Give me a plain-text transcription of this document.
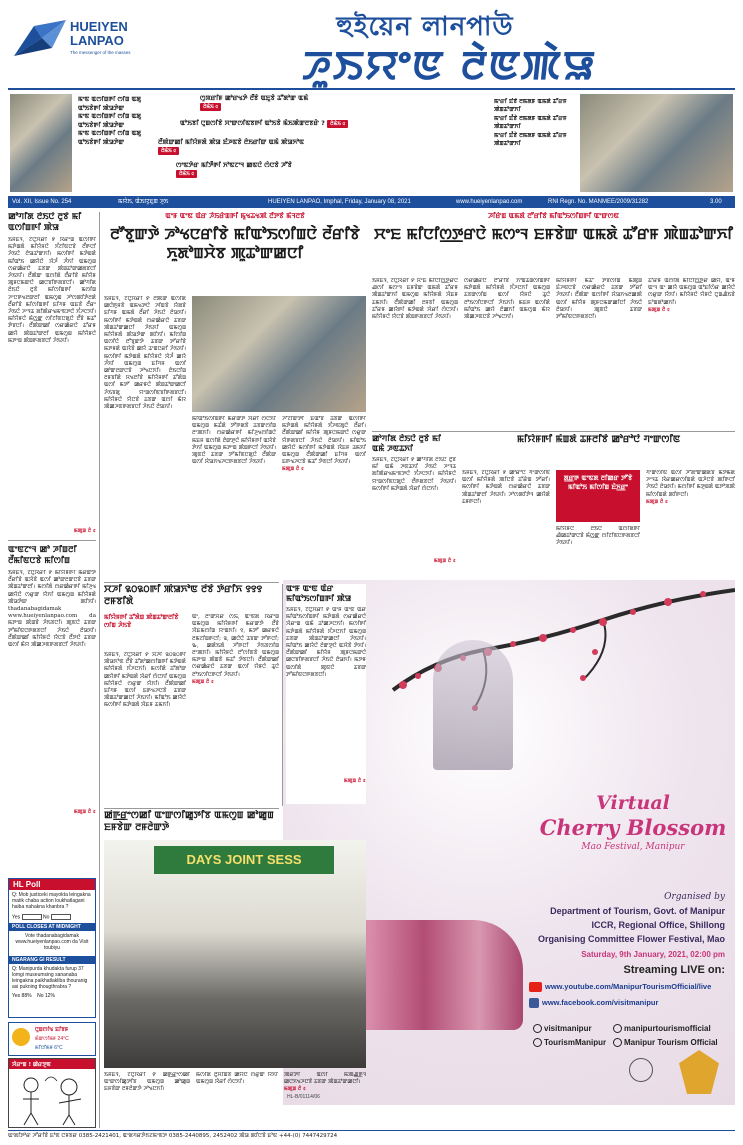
HUEIYEN
LANPAO
The messenger of the masses
হুইয়েন লানপাউ
ꯍꯨꯏꯌꯦꯟ ꯂꯥꯟꯄꯥꯎ
ꯃꯦꯟ ꯑꯁꯤꯡꯒꯤ ꯁꯤꯡ ꯑꯗꯨ ꯑꯣꯏꯕꯥꯒꯤ ꯄꯥꯎꯇꯥꯛ
ꯃꯦꯟ ꯑꯁꯤꯡꯒꯤ ꯁꯤꯡ ꯑꯗꯨ ꯑꯣꯏꯕꯥꯒꯤ ꯄꯥꯎꯇꯥꯛ
ꯃꯦꯟ ꯑꯁꯤꯡꯒꯤ ꯁꯤꯡ ꯑꯗꯨ ꯑꯣꯏꯕꯥꯒꯤ ꯄꯥꯎꯇꯥꯛ
ꯁꯨꯞꯔꯤꯝ ꯀꯣꯔꯠꯇꯥ ꯂꯩꯕꯥ ꯑꯐꯨꯕꯥ ꯊꯧꯗꯣꯛ ꯑꯃꯥ
ꯂꯥꯃꯥꯏ ৫
ꯑꯣꯏꯕꯤ ꯅꯨꯡꯁꯤꯕꯥ ꯆꯦꯛꯁꯤꯟꯕꯒꯤ ꯑꯣꯏꯕꯥ ꯃꯥꯏꯄꯥꯛꯂꯕꯔꯥ ? ꯂꯥꯃꯥꯏ ৫
ꯂꯩꯄꯥꯛꯀꯤ ꯃꯤꯌꯥꯝꯗꯥ ꯄꯥꯎ ꯐꯪꯍꯟꯕꯥ ꯂꯥꯏꯔꯤꯛ ꯑꯃꯥ ꯄꯥꯎꯈꯣꯟ
ꯂꯥꯃꯥꯏ ৫
ꯁꯦꯟꯇꯥꯔ ꯃꯤꯇꯩꯒꯤ ꯈꯣꯟꯖꯦꯜ ꯀꯟꯅꯥ ꯁꯥꯅꯕꯥ ꯍꯧꯕꯥ
ꯂꯥꯃꯥꯏ ৫
ꯃꯦꯔꯤ ꯐꯪꯕꯥ ꯂꯃꯗꯝ ꯑꯃꯗꯥ ꯊꯧꯔꯝ ꯄꯥꯡꯊꯣꯛꯈꯤ
ꯃꯦꯔꯤ ꯐꯪꯕꯥ ꯂꯃꯗꯝ ꯑꯃꯗꯥ ꯊꯧꯔꯝ ꯄꯥꯡꯊꯣꯛꯈꯤ
ꯃꯦꯔꯤ ꯐꯪꯕꯥ ꯂꯃꯗꯝ ꯑꯃꯗꯥ ꯊꯧꯔꯝ ꯄꯥꯡꯊꯣꯛꯈꯤ
Vol. XII, Issue No. 254	ꯃꯌꯥꯏ, ꯑꯥꯏꯌꯨꯐꯨꯡ ꯍꯨꯏ	HUEIYEN LANPAO, Imphal, Friday, January 08, 2021	www.hueiyenlanpao.com	RNI Regn. No. MANMEE/2009/31282	3.00
ꯀꯣꯚꯤꯗ ꯂꯥꯏꯅꯥ ꯂꯨꯕꯥ ꯃꯤ ꯑꯁꯤꯡꯒꯤ ꯄꯥꯎ
ꯏꯝꯐꯥꯜ, ꯖꯥꯅꯨꯋꯥꯔꯤ ꯸ ꯋꯥꯔꯦꯡ ꯑꯁꯤꯒꯤ ꯃꯇꯥꯡꯗꯥ ꯃꯤꯌꯥꯝꯅꯥ ꯈꯪꯖꯤꯟꯅꯕꯥ ꯂꯩꯒꯅꯤ ꯍꯥꯏꯅꯥ ꯂꯥꯎꯊꯣꯛꯈꯤ। ꯃꯁꯤꯒꯤ ꯃꯇꯥꯡꯗꯥ ꯃꯤꯑꯣꯏ ꯀꯌꯥꯅꯥ ꯋꯥꯍꯪ ꯍꯪꯈꯤ ꯑꯃꯁꯨꯡ ꯁꯔꯀꯥꯔꯅꯥ ꯊꯕꯛ ꯄꯥꯡꯊꯣꯛꯀꯗꯕꯅꯤ ꯍꯥꯏꯈꯤ। ꯂꯩꯄꯥꯛ ꯑꯁꯤꯗꯥ ꯂꯩꯔꯤꯕꯥ ꯃꯤꯌꯥꯝ ꯄꯨꯝꯅꯃꯛꯅꯥ ꯀꯅꯕꯤꯒꯗꯕꯅꯤ। ꯀꯣꯚꯤꯗ ꯂꯥꯏꯅꯥ ꯂꯨꯕꯥ ꯃꯤꯁꯤꯡꯒꯤ ꯃꯁꯤꯡ ꯍꯦꯅꯒꯠꯂꯛꯂꯤ ꯑꯃꯁꯨꯡ ꯍꯣꯁꯄꯤꯇꯥꯂꯗꯥ ꯂꯩꯔꯤꯕꯥ ꯃꯤꯁꯤꯡꯒꯤ ꯐꯤꯚꯝ ꯑꯐꯕꯥ ꯂꯩꯔꯦ ꯍꯥꯏꯅꯥ ꯍꯦꯜꯊ ꯗꯤꯄꯥꯔꯠꯃꯦꯟꯇꯅꯥ ꯈꯪꯍꯅꯈꯤ। ꯃꯤꯌꯥꯝꯅꯥ ꯃꯥꯁ꯭ꯛ ꯁꯤꯖꯤꯟꯅꯗꯨꯅꯥ ꯂꯩꯕꯥ ꯃꯊꯧ ꯇꯥꯕꯅꯤ। ꯂꯩꯄꯥꯛꯀꯤ ꯁꯔꯀꯥꯔꯅꯥ ꯊꯧꯔꯝ ꯀꯌꯥ ꯄꯥꯡꯊꯣꯛꯂꯤ ꯑꯃꯁꯨꯡ ꯃꯤꯌꯥꯝꯅꯥ ꯃꯇꯦꯡ ꯄꯥꯡꯒꯗꯕꯅꯤ ꯍꯥꯏꯈꯤ।
ꯃꯄꯨꯡ ꯂꯥ ৫
ꯑꯦꯟꯖꯦꯜ ꯀꯣ ꯍꯤꯡꯂꯤ ꯂꯩꯃꯤꯟꯅꯕꯥ ꯃꯤꯁꯤꯡ
ꯏꯝꯐꯥꯜ, ꯖꯥꯅꯨꯋꯥꯔꯤ ꯸ ꯃꯤꯌꯥꯝꯒꯤ ꯃꯔꯛꯇꯥ ꯂꯩꯔꯤꯕꯥ ꯑꯋꯥꯕꯥ ꯑꯁꯤ ꯀꯣꯛꯂꯛꯅꯕꯥ ꯊꯕꯛ ꯄꯥꯡꯊꯣꯛꯂꯤ। ꯃꯁꯤꯗꯥ ꯁꯔꯀꯥꯔꯒꯤ ꯃꯤꯍꯨꯠ ꯀꯌꯥꯅꯥ ꯁꯔꯨꯛ ꯌꯥꯈꯤ ꯑꯃꯁꯨꯡ ꯃꯤꯌꯥꯝꯗꯥ ꯄꯥꯎꯇꯥꯛ ꯄꯤꯈꯤ। thadanabagidamak www.hueiyenlanpao.com da ꯃꯇꯦꯡ ꯄꯥꯡꯕꯥ ꯍꯥꯏꯕꯅꯤ। ꯄꯨꯟꯅꯥ ꯊꯕꯛ ꯇꯧꯃꯤꯟꯅꯒꯗꯕꯅꯤ ꯍꯥꯏꯅꯥ ꯂꯥꯎꯈꯤ। ꯂꯩꯄꯥꯛꯀꯤ ꯃꯤꯌꯥꯝꯅꯥ ꯌꯥꯅꯕꯥ ꯂꯩꯇꯅꯥ ꯊꯕꯛ ꯑꯁꯤ ꯃꯥꯌ ꯄꯥꯀꯍꯟꯒꯗꯕꯅꯤ ꯍꯥꯏꯈꯤ।
ꯃꯄꯨꯡ ꯂꯥ ৫
HL Poll
Q: Mob justiceki mayokta leingakna matik chaba action loukhatlagani haiba nahakna khanbra ?
Yes	No
POLL CLOSES AT MIDNIGHT
Vote thadanabagidamak www.hueiyenlanpao.com da Visit toubiyu
NGARANG GI RESULT
Q: Manipurda khudakta furup 37 lomgi museumsing sananaba leingakna paikhatlakliba thouranig asi pukning thougthrabra ?
Yes 88% No 12%
ꯅꯨꯡꯁꯤꯠ ꯐꯤꯕꯝ
ꯃꯥꯛꯁꯤꯃꯝ 24°C
ꯃꯤꯅꯤꯃꯝ 6°C
ꯋꯥꯔꯦꯡ ! ꯀꯥꯔꯇꯨꯟ
ꯑꯦꯝ ꯑꯦꯟ ꯑꯥꯔ ꯍꯥꯏꯔꯥꯡꯒꯤ ꯃꯨꯠꯊꯠꯄꯥ ꯂꯩꯇꯕꯥ ꯃꯥꯜꯂꯕꯥ
ꯂꯧꯕꯨꯛꯇꯥ ꯍꯣꯠꯅꯔꯤꯕꯥ ꯃꯤꯑꯣꯏꯁꯤꯡꯅꯥ ꯂꯩꯔꯤꯕꯥ ꯈꯨꯗꯣꯡꯆꯥꯕ ꯄꯨꯊꯣꯛꯀꯅꯤ
ꯏꯝꯐꯥꯜ, ꯖꯥꯅꯨꯋꯥꯔꯤ ꯸ ꯂꯩꯄꯥꯛ ꯑꯁꯤꯗꯥ ꯀꯅꯥꯒꯨꯝꯕꯥ ꯑꯃꯠꯇꯅꯥ ꯍꯤꯡꯕꯥ ꯌꯥꯗꯕꯥ ꯐꯤꯚꯝ ꯑꯃꯗꯥ ꯂꯩꯔꯤ ꯍꯥꯏꯅꯥ ꯂꯥꯎꯈꯤ। ꯃꯁꯤꯒꯤ ꯃꯇꯥꯡꯗꯥ ꯁꯔꯀꯥꯔꯅꯥ ꯊꯕꯛ ꯄꯥꯡꯊꯣꯛꯀꯅꯤ ꯍꯥꯏꯈꯤ ꯑꯃꯁꯨꯡ ꯃꯤꯌꯥꯝꯗꯥ ꯄꯥꯎꯇꯥꯛ ꯄꯤꯈꯤ। ꯃꯤꯁꯤꯡ ꯑꯁꯤꯅꯥ ꯂꯧꯕꯨꯛꯇꯥ ꯊꯕꯛ ꯇꯧꯔꯤꯕꯥ ꯃꯇꯝꯗꯥ ꯑꯋꯥꯕꯥ ꯀꯌꯥ ꯊꯦꯡꯅꯔꯤ ꯍꯥꯏꯈꯤ। ꯃꯁꯤꯒꯤ ꯃꯇꯥꯡꯗꯥ ꯃꯤꯌꯥꯝꯅꯥ ꯋꯥꯍꯪ ꯀꯌꯥ ꯍꯪꯈꯤ ꯑꯃꯁꯨꯡ ꯐꯤꯚꯝ ꯑꯁꯤ ꯀꯣꯛꯂꯛꯅꯕꯥ ꯍꯣꯠꯅꯈꯤ। ꯂꯥꯏꯅꯤꯡ ꯂꯝꯕꯤꯗꯥ ꯆꯠꯂꯤꯕꯥ ꯃꯤꯌꯥꯝꯒꯤ ꯊꯧꯗꯥꯡ ꯑꯁꯤ ꯃꯇꯧ ꯀꯔꯝꯅꯥ ꯄꯥꯡꯊꯣꯛꯀꯅꯤ ꯍꯥꯏꯕꯗꯨ ꯌꯦꯡꯁꯤꯟꯕꯤꯒꯗꯕꯅꯤ। ꯃꯤꯌꯥꯝꯅꯥ ꯌꯥꯅꯕꯥ ꯊꯕꯛ ꯑꯁꯤ ꯃꯥꯌ ꯄꯥꯀꯍꯟꯒꯗꯕꯅꯤ ꯍꯥꯏꯅꯥ ꯂꯥꯎꯈꯤ।
ꯃꯤꯑꯣꯏꯁꯤꯡꯒꯤ ꯃꯔꯛꯇꯥ ꯋꯥꯔꯤ ꯁꯥꯅꯈꯤ ꯑꯃꯁꯨꯡ ꯃꯊꯪꯗꯥ ꯇꯧꯒꯗꯕꯥ ꯊꯕꯛꯁꯤꯡ ꯂꯦꯄꯈꯤ। ꯁꯔꯀꯥꯔꯒꯤ ꯃꯤꯍꯨꯠꯁꯤꯡꯅꯥ ꯃꯐꯝ ꯑꯁꯤꯗꯥ ꯂꯥꯛꯇꯨꯅꯥ ꯃꯤꯌꯥꯝꯒꯤ ꯑꯋꯥꯕꯥ ꯇꯥꯈꯤ ꯑꯃꯁꯨꯡ ꯃꯇꯦꯡ ꯄꯥꯡꯒꯅꯤ ꯍꯥꯏꯈꯤ। ꯄꯨꯟꯅꯥ ꯊꯕꯛ ꯇꯧꯃꯤꯟꯅꯗꯨꯅꯥ ꯂꯩꯄꯥꯛ ꯑꯁꯤ ꯆꯥꯎꯈꯠꯍꯅꯒꯗꯕꯅꯤ ꯍꯥꯏꯈꯤ।
ꯍꯧꯖꯤꯛꯇꯤ ꯐꯥꯑꯣꯕꯥ ꯊꯕꯛ ꯑꯁꯤꯒꯤ ꯃꯇꯥꯡꯗꯥ ꯃꯤꯌꯥꯝꯗꯥ ꯈꯪꯍꯟꯗꯨꯅꯥ ꯂꯩꯔꯤ। ꯂꯩꯄꯥꯛꯀꯤ ꯃꯤꯌꯥꯝ ꯄꯨꯝꯅꯃꯛꯅꯥ ꯁꯔꯨꯛ ꯌꯥꯒꯗꯕꯅꯤ ꯍꯥꯏꯅꯥ ꯂꯥꯎꯈꯤ। ꯃꯤꯑꯣꯏ ꯀꯌꯥꯅꯥ ꯃꯁꯤꯒꯤ ꯃꯇꯥꯡꯗꯥ ꯋꯥꯐꯝ ꯊꯃꯈꯤ ꯑꯃꯁꯨꯡ ꯂꯩꯄꯥꯛꯀꯤ ꯐꯤꯚꯝ ꯑꯁꯤ ꯐꯒꯠꯍꯅꯕꯥ ꯃꯊꯧ ꯇꯥꯕꯅꯤ ꯍꯥꯏꯈꯤ।
ꯃꯄꯨꯡ ꯂꯥ ৫
ꯍꯤꯔꯥꯡ ꯑꯃꯗꯥ ꯂꯧꯔꯤꯕꯥ ꯃꯤꯑꯣꯏꯁꯤꯡꯒꯤ ꯑꯦꯛꯁꯟ
ꯆꯦꯐ ꯃꯤꯅꯤꯁ꯭ꯇꯔꯅꯥ ꯃꯁꯦꯜ ꯐꯝꯕꯥꯛ ꯑꯃꯗꯥ ꯊꯧꯔꯝ ꯄꯥꯡꯊꯣꯛꯈꯤ
ꯏꯝꯐꯥꯜ, ꯖꯥꯅꯨꯋꯥꯔꯤ ꯸ ꯆꯦꯐ ꯃꯤꯅꯤꯁ꯭ꯇꯔꯅꯥ ꯉꯁꯤ ꯃꯁꯦꯜ ꯐꯝꯕꯥꯛ ꯑꯃꯗꯥ ꯊꯧꯔꯝ ꯄꯥꯡꯊꯣꯛꯈꯤ ꯑꯃꯁꯨꯡ ꯃꯤꯌꯥꯝꯗꯥ ꯋꯥꯐꯝ ꯊꯃꯈꯤ। ꯂꯩꯄꯥꯛꯀꯤ ꯂꯝꯕꯤ ꯑꯃꯁꯨꯡ ꯊꯧꯔꯝ ꯀꯌꯥꯒꯤ ꯃꯇꯥꯡꯗꯥ ꯋꯥꯔꯤ ꯁꯥꯅꯈꯤ। ꯃꯤꯌꯥꯝꯅꯥ ꯌꯥꯅꯕꯥ ꯄꯥꯡꯒꯗꯕꯅꯤ ꯍꯥꯏꯈꯤ।
ꯁꯔꯀꯥꯔꯅꯥ ꯂꯧꯔꯤꯕꯥ ꯈꯣꯡꯊꯥꯡꯁꯤꯡꯒꯤ ꯃꯇꯥꯡꯗꯥ ꯃꯤꯌꯥꯝꯗꯥ ꯈꯪꯍꯅꯈꯤ ꯑꯃꯁꯨꯡ ꯊꯕꯛꯁꯤꯡ ꯑꯁꯤ ꯌꯥꯝꯅꯥ ꯊꯨꯅꯥ ꯂꯣꯏꯁꯤꯅꯒꯅꯤ ꯍꯥꯏꯈꯤ। ꯃꯐꯝ ꯑꯁꯤꯗꯥ ꯃꯤꯑꯣꯏ ꯀꯌꯥ ꯂꯥꯀꯈꯤ ꯑꯃꯁꯨꯡ ꯃꯥꯌ ꯄꯥꯀꯍꯟꯅꯕꯥ ꯍꯣꯠꯅꯈꯤ।
ꯃꯤꯌꯥꯝꯒꯤ ꯃꯊꯧ ꯇꯥꯕꯁꯤꯡ ꯃꯄꯨꯡ ꯐꯥꯍꯟꯅꯕꯥ ꯁꯔꯀꯥꯔꯅꯥ ꯊꯕꯛ ꯇꯧꯔꯤ ꯍꯥꯏꯈꯤ। ꯂꯩꯄꯥꯛ ꯑꯁꯤꯒꯤ ꯆꯥꯎꯈꯠꯂꯀꯄꯥ ꯑꯁꯤ ꯃꯤꯌꯥꯝ ꯄꯨꯝꯅꯃꯛꯀꯤꯅꯤ ꯍꯥꯏꯅꯥ ꯂꯥꯎꯈꯤ। ꯄꯨꯟꯅꯥ ꯊꯕꯛ ꯇꯧꯃꯤꯟꯅꯒꯗꯕꯅꯤ।
ꯊꯧꯔꯝ ꯑꯁꯤꯗꯥ ꯃꯤꯅꯤꯁ꯭ꯇꯔ ꯀꯌꯥ, ꯑꯦꯝ ꯑꯦꯜ ꯑꯦ ꯀꯌꯥ ꯑꯃꯁꯨꯡ ꯑꯣꯐꯤꯁꯥꯔ ꯀꯌꯥꯅꯥ ꯁꯔꯨꯛ ꯌꯥꯈꯤ। ꯃꯤꯌꯥꯝꯅꯥ ꯌꯥꯝꯅꯥ ꯅꯨꯡꯉꯥꯏꯕꯥ ꯐꯣꯡꯗꯣꯀꯈꯤ।
ꯃꯄꯨꯡ ꯂꯥ ৫
ꯀꯣꯚꯤꯗ ꯂꯥꯏꯅꯥ ꯂꯨꯕꯥ ꯃꯤ ꯑꯃꯥ ꯍꯟꯊꯈꯤ
ꯏꯝꯐꯥꯜ, ꯖꯥꯅꯨꯋꯥꯔꯤ ꯸ ꯀꯣꯚꯤꯗ ꯂꯥꯏꯅꯥ ꯂꯨꯕꯥ ꯃꯤ ꯑꯃꯥ ꯍꯟꯊꯈꯤ ꯍꯥꯏꯅꯥ ꯍꯦꯜꯊ ꯗꯤꯄꯥꯔꯠꯃꯦꯟꯇꯅꯥ ꯈꯪꯍꯅꯈꯤ। ꯃꯤꯌꯥꯝꯅꯥ ꯌꯦꯡꯁꯤꯟꯅꯗꯨꯅꯥ ꯂꯩꯒꯗꯕꯅꯤ ꯍꯥꯏꯈꯤ। ꯃꯁꯤꯒꯤ ꯃꯇꯥꯡꯗꯥ ꯋꯥꯔꯤ ꯁꯥꯅꯈꯤ।
ꯃꯄꯨꯡ ꯂꯥ ৫
ꯃꯤꯌꯥꯝꯒꯤ ꯃꯥꯡꯗꯥ ꯊꯝꯂꯤꯕꯥ ꯀꯣꯔꯣꯅꯥ ꯚꯦꯛꯁꯤꯟ
ꯏꯝꯐꯥꯜ, ꯖꯥꯅꯨꯋꯥꯔꯤ ꯸ ꯀꯣꯔꯣꯅꯥ ꯚꯦꯛꯁꯤꯟ ꯑꯁꯤ ꯃꯤꯌꯥꯝꯗꯥ ꯄꯤꯅꯕꯥ ꯊꯧꯔꯥꯡ ꯇꯧꯔꯤ। ꯃꯁꯤꯒꯤ ꯃꯇꯥꯡꯗꯥ ꯁꯔꯀꯥꯔꯅꯥ ꯊꯕꯛ ꯄꯥꯡꯊꯣꯛꯂꯤ ꯍꯥꯏꯈꯤ। ꯍꯣꯁꯄꯤꯇꯥꯜ ꯀꯌꯥꯗꯥ ꯊꯝꯒꯅꯤ।
ꯗ꯭ꯔꯒ ꯑꯦꯟꯗ ꯂꯤꯀꯔ ꯇꯧꯕꯥ ꯃꯤꯑꯣꯏ ꯃꯤꯁꯤꯡ ꯐꯥꯈ꯭ꯔꯦ
ꯃꯤꯌꯥꯝꯅꯥ ꯂꯥꯏꯅꯥ ꯑꯁꯤꯗꯒꯤ ꯉꯥꯀꯊꯣꯛꯅꯕꯥ ꯃꯥꯁ꯭ꯛ ꯁꯤꯖꯤꯟꯅꯒꯗꯕꯅꯤ ꯍꯥꯏꯈꯤ।
ꯚꯦꯛꯁꯤꯟ ꯑꯁꯤ ꯍꯧꯗꯣꯛꯀꯗꯕꯥ ꯃꯇꯃꯗꯥ ꯍꯦꯜꯊ ꯋꯥꯔꯀꯔꯁꯤꯡꯗꯥ ꯑꯍꯥꯅꯕꯥ ꯄꯤꯒꯅꯤ ꯍꯥꯏꯅꯥ ꯂꯥꯎꯈꯤ। ꯃꯁꯤꯒꯤ ꯃꯇꯨꯡꯗꯥ ꯑꯇꯣꯞꯄꯥ ꯃꯤꯁꯤꯡꯗꯥ ꯄꯤꯒꯅꯤ।
ꯃꯄꯨꯡ ꯂꯥ ৫
ꯆꯍꯤ ꯲꯰꯲꯰ꯒꯤ ꯄꯥꯎꯈꯣꯟ ꯂꯩꯕꯥ ꯇꯥꯔꯤꯈ ꯱꯱꯱ ꯂꯝꯕꯤꯗꯥ
ꯃꯤꯌꯥꯝꯒꯤ ꯊꯧꯗꯥꯡ ꯄꯥꯡꯊꯣꯛꯂꯤꯕꯥ ꯁꯤꯡ ꯍꯥꯏꯕꯥ
ꯏꯝꯐꯥꯜ, ꯖꯥꯅꯨꯋꯥꯔꯤ ꯸ ꯆꯍꯤ ꯲꯰꯲꯰ꯒꯤ ꯄꯥꯎꯈꯣꯟ ꯂꯩꯕꯥ ꯊꯧꯗꯣꯀꯁꯤꯡꯒꯤ ꯃꯇꯥꯡꯗꯥ ꯃꯤꯌꯥꯝꯗꯥ ꯈꯪꯍꯅꯈꯤ। ꯃꯁꯤꯗꯥ ꯊꯧꯗꯣꯛ ꯀꯌꯥꯒꯤ ꯃꯇꯥꯡꯗꯥ ꯋꯥꯔꯤ ꯁꯥꯅꯈꯤ ꯑꯃꯁꯨꯡ ꯃꯤꯌꯥꯝꯅꯥ ꯁꯔꯨꯛ ꯌꯥꯈꯤ। ꯂꯩꯄꯥꯛꯀꯤ ꯐꯤꯚꯝ ꯑꯁꯤ ꯐꯒꯠꯍꯅꯕꯥ ꯊꯕꯛ ꯄꯥꯡꯊꯣꯛꯀꯅꯤ ꯍꯥꯏꯈꯤ। ꯃꯤꯑꯣꯏ ꯀꯌꯥꯅꯥ ꯃꯁꯤꯒꯤ ꯃꯇꯥꯡꯗꯥ ꯋꯥꯐꯝ ꯊꯃꯈꯤ।
ꯑꯦ, ꯂꯦꯛꯆꯔ ꯁꯥꯢ, ꯑꯦꯟꯗ ꯋꯥꯔꯦꯡ ꯑꯃꯁꯨꯡ ꯃꯤꯌꯥꯝꯒꯤ ꯃꯔꯛꯇꯥ ꯂꯩꯕꯥ ꯋꯥꯐꯃꯁꯤꯡ ꯌꯦꯡꯈꯤ। ꯱, ꯃꯇꯧ ꯀꯔꯝꯅꯥ ꯂꯃꯖꯤꯡꯒꯅꯤ; ꯲, ꯀꯅꯥꯅꯥ ꯊꯕꯛ ꯇꯧꯒꯅꯤ; ꯳, ꯀꯗꯥꯏꯗꯥ ꯍꯧꯒꯅꯤ ꯍꯥꯏꯕꯁꯤꯡ ꯂꯦꯄꯈꯤ। ꯃꯤꯌꯥꯝꯅꯥ ꯂꯧꯁꯤꯟꯕꯥ ꯑꯃꯁꯨꯡ ꯃꯇꯦꯡ ꯄꯥꯡꯕꯥ ꯃꯊꯧ ꯇꯥꯕꯅꯤ। ꯂꯩꯄꯥꯛꯀꯤ ꯁꯔꯀꯥꯔꯅꯥ ꯊꯕꯛ ꯑꯁꯤ ꯌꯥꯝꯅꯥ ꯊꯨꯅꯥ ꯂꯣꯏꯁꯤꯅꯒꯅꯤ ꯍꯥꯏꯈꯤ।
ꯃꯄꯨꯡ ꯂꯥ ৫
ꯑꯦꯝ ꯑꯦꯟ ꯑꯥꯔ ꯃꯤꯑꯣꯏꯁꯤꯡꯒꯤ ꯄꯥꯎ
ꯏꯝꯐꯥꯜ, ꯖꯥꯅꯨꯋꯥꯔꯤ ꯸ ꯑꯦꯝ ꯑꯦꯟ ꯑꯥꯔ ꯃꯤꯑꯣꯏꯁꯤꯡꯒꯤ ꯃꯇꯥꯡꯗꯥ ꯁꯔꯀꯥꯔꯅꯥ ꯋꯥꯔꯦꯡ ꯑꯃꯥ ꯊꯣꯀꯍꯅꯈꯤ। ꯃꯁꯤꯒꯤ ꯃꯇꯥꯡꯗꯥ ꯃꯤꯌꯥꯝꯗꯥ ꯈꯪꯍꯅꯈꯤ ꯑꯃꯁꯨꯡ ꯊꯕꯛ ꯄꯥꯡꯊꯣꯛꯀꯅꯤ ꯍꯥꯏꯈꯤ। ꯃꯤꯑꯣꯏ ꯀꯌꯥꯅꯥ ꯂꯥꯛꯇꯨꯅꯥ ꯑꯋꯥꯕꯥ ꯇꯥꯈꯤ। ꯂꯩꯄꯥꯛꯀꯤ ꯃꯤꯌꯥꯝ ꯄꯨꯝꯅꯃꯛꯅꯥ ꯀꯅꯕꯤꯒꯗꯕꯅꯤ ꯍꯥꯏꯅꯥ ꯂꯥꯎꯈꯤ। ꯃꯇꯝ ꯑꯁꯤꯗꯥ ꯄꯨꯟꯅꯥ ꯊꯕꯛ ꯇꯧꯃꯤꯟꯅꯒꯗꯕꯅꯤ।
ꯃꯄꯨꯡ ꯂꯥ ৫
Virtual
Cherry Blossom
Mao Festival, Manipur
Organised by
Department of Tourism, Govt. of Manipur
ICCR, Regional Office, Shillong
Organising Committee Flower Festival, Mao
Saturday, 9th January, 2021, 02:00 pm
Streaming LIVE on:
www.youtube.com/ManipurTourismOfficial/live
www.facebook.com/visitmanipur
visitmanipur	manipurtourismofficial
TourismManipur	Manipur Tourism Official
HL-B/01114/06
ꯀꯪꯒ꯭ꯔꯦꯁꯀꯤ ꯑꯦꯛꯁꯤꯀꯨꯇꯤꯕ ꯑꯃꯁꯨꯡ ꯀꯣꯀꯨꯡ ꯐꯝꯕꯥꯛ ꯂꯝꯂꯥꯛꯇꯥ
DAYS JOINT SESS
ꯏꯝꯐꯥꯜ, ꯖꯥꯅꯨꯋꯥꯔꯤ ꯸ ꯀꯪꯒ꯭ꯔꯦꯁꯀꯤ ꯑꯦꯛꯁꯤꯀꯨꯇꯤꯕ ꯑꯃꯁꯨꯡ ꯀꯣꯀꯨꯡ ꯐꯝꯕꯥꯛ ꯂꯝꯂꯥꯛꯇꯥ ꯍꯣꯠꯅꯈꯤ।
ꯃꯁꯤꯗꯥ ꯂꯨꯆꯤꯡꯕꯥ ꯀꯌꯥꯅꯥ ꯁꯔꯨꯛ ꯌꯥꯈꯤ ꯑꯃꯁꯨꯡ ꯋꯥꯔꯤ ꯁꯥꯅꯈꯤ।
ꯄꯥꯔꯇꯤ ꯑꯁꯤ ꯃꯄꯥꯉ꯭ꯒꯜ ꯀꯅꯈꯠꯍꯅꯕꯥ ꯊꯕꯛ ꯄꯥꯡꯊꯣꯛꯀꯅꯤ।
ꯃꯄꯨꯡ ꯂꯥ ৫
ꯑꯦꯗꯤꯇꯣꯔ ꯍꯧꯔꯤꯕꯥ ꯐꯣꯟ ꯅꯝꯕꯔ 0385-2421401, ꯑꯦꯗꯚꯔꯇꯥꯏꯖꯃꯦꯟꯇ 0385-2440895, 2452402 ꯄꯥꯎ ꯄꯤꯅꯕꯥ ꯐꯣꯟ +44-(0) 7447429724
